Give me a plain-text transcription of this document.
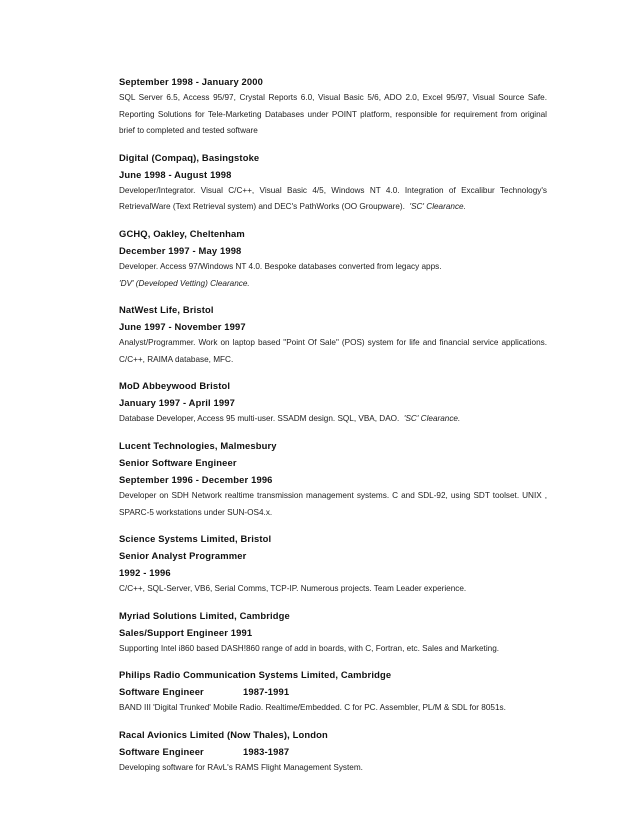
September 1998 - January 2000
SQL Server 6.5, Access 95/97, Crystal Reports 6.0, Visual Basic 5/6, ADO 2.0, Excel 95/97, Visual Source Safe. Reporting Solutions for Tele-Marketing Databases under POINT platform, responsible for requirement from original brief to completed and tested software
Digital (Compaq), Basingstoke
June 1998 - August 1998
Developer/Integrator. Visual C/C++, Visual Basic 4/5, Windows NT 4.0. Integration of Excalibur Technology's RetrievalWare (Text Retrieval system) and DEC's PathWorks (OO Groupware). 'SC' Clearance.
GCHQ, Oakley, Cheltenham
December 1997 - May 1998
Developer. Access 97/Windows NT 4.0. Bespoke databases converted from legacy apps.
'DV' (Developed Vetting) Clearance.
NatWest Life, Bristol
June 1997 - November 1997
Analyst/Programmer. Work on laptop based "Point Of Sale" (POS) system for life and financial service applications. C/C++, RAIMA database, MFC.
MoD Abbeywood Bristol
January 1997 - April 1997
Database Developer, Access 95 multi-user. SSADM design. SQL, VBA, DAO. 'SC' Clearance.
Lucent Technologies, Malmesbury
Senior Software Engineer
September 1996 - December 1996
Developer on SDH Network realtime transmission management systems. C and SDL-92, using SDT toolset. UNIX , SPARC-5 workstations under SUN-OS4.x.
Science Systems Limited, Bristol
Senior Analyst Programmer
1992 - 1996
C/C++, SQL-Server, VB6, Serial Comms, TCP-IP. Numerous projects. Team Leader experience.
Myriad Solutions Limited, Cambridge
Sales/Support Engineer 1991
Supporting Intel i860 based DASH!860 range of add in boards, with C, Fortran, etc. Sales and Marketing.
Philips Radio Communication Systems Limited, Cambridge
Software Engineer	1987-1991
BAND III 'Digital Trunked' Mobile Radio. Realtime/Embedded. C for PC. Assembler, PL/M & SDL for 8051s.
Racal Avionics Limited (Now Thales), London
Software Engineer	1983-1987
Developing software for RAvL's RAMS Flight Management System.
